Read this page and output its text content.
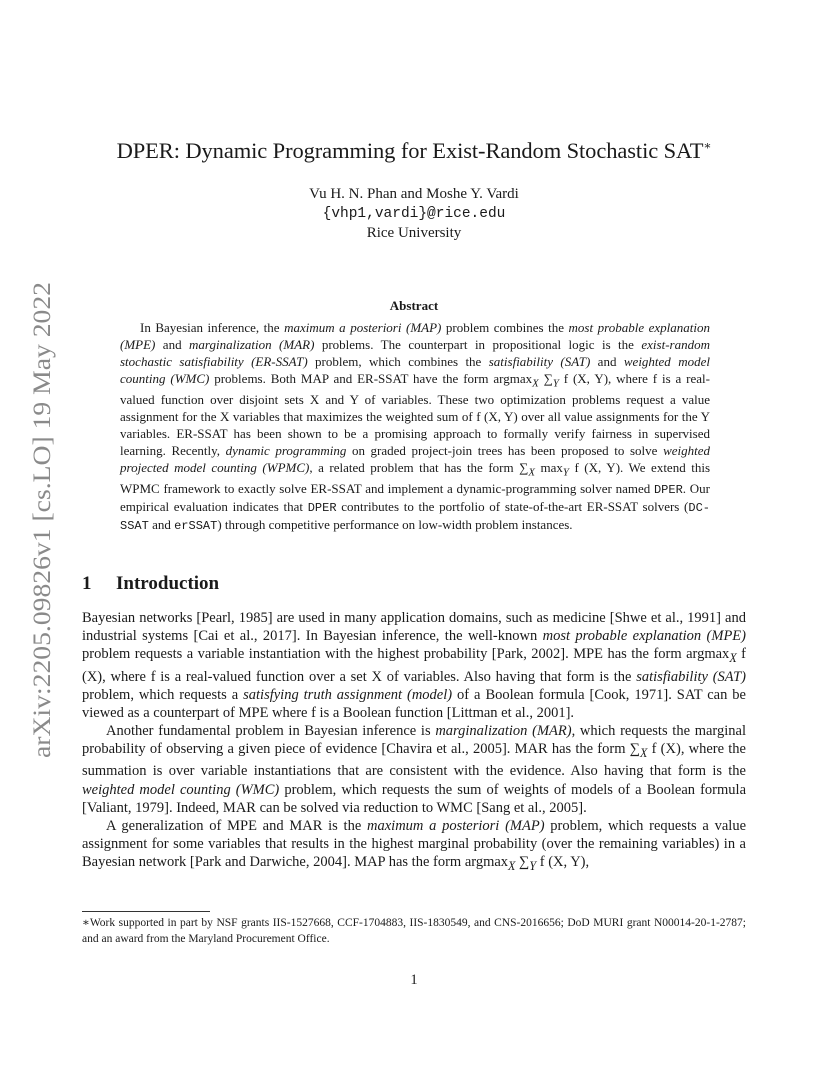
arXiv:2205.09826v1 [cs.LO] 19 May 2022
DPER: Dynamic Programming for Exist-Random Stochastic SAT∗
Vu H. N. Phan and Moshe Y. Vardi
{vhp1,vardi}@rice.edu
Rice University
Abstract

In Bayesian inference, the maximum a posteriori (MAP) problem combines the most probable explanation (MPE) and marginalization (MAR) problems. The counterpart in propositional logic is the exist-random stochastic satisfiability (ER-SSAT) problem, which combines the satisfiability (SAT) and weighted model counting (WMC) problems. Both MAP and ER-SSAT have the form argmax$_X$ $\sum_Y$ f (X, Y), where f is a real-valued function over disjoint sets X and Y of variables. These two optimization problems request a value assignment for the X variables that maximizes the weighted sum of f (X, Y) over all value assignments for the Y variables. ER-SSAT has been shown to be a promising approach to formally verify fairness in supervised learning. Recently, dynamic programming on graded project-join trees has been proposed to solve weighted projected model counting (WPMC), a related problem that has the form $\sum_X$ $\max_Y f$ (X, Y). We extend this WPMC framework to exactly solve ER-SSAT and implement a dynamic-programming solver named DPER. Our empirical evaluation indicates that DPER contributes to the portfolio of state-of-the-art ER-SSAT solvers (DC-SSAT and erSSAT) through competitive performance on low-width problem instances.

1 Introduction

Bayesian networks [Pearl, 1985] are used in many application domains, such as medicine [Shwe et al., 1991] and industrial systems [Cai et al., 2017]. In Bayesian inference, the well-known most probable explanation (MPE) problem requests a variable instantiation with the highest probability [Park, 2002]. MPE has the form argmax$_X$ f (X), where f is a real-valued function over a set X of variables. Also having that form is the satisfiability (SAT) problem, which requests a satisfying truth assignment (model) of a Boolean formula [Cook, 1971]. SAT can be viewed as a counterpart of MPE where f is a Boolean function [Littman et al., 2001].

Another fundamental problem in Bayesian inference is marginalization (MAR), which requests the marginal probability of observing a given piece of evidence [Chavira et al., 2005]. MAR has the form $\sum_X$ f (X), where the summation is over variable instantiations that are consistent with the evidence. Also having that form is the weighted model counting (WMC) problem, which requests the sum of weights of models of a Boolean formula [Valiant, 1979]. Indeed, MAR can be solved via reduction to WMC [Sang et al., 2005].

A generalization of MPE and MAR is the maximum a posteriori (MAP) problem, which requests a value assignment for some variables that results in the highest marginal probability (over the remaining variables) in a Bayesian network [Park and Darwiche, 2004]. MAP has the form argmax$_X$ $\sum_Y$ f (X, Y),

∗Work supported in part by NSF grants IIS-1527668, CCF-1704883, IIS-1830549, and CNS-2016656; DoD MURI grant N00014-20-1-2787; and an award from the Maryland Procurement Office.
1
